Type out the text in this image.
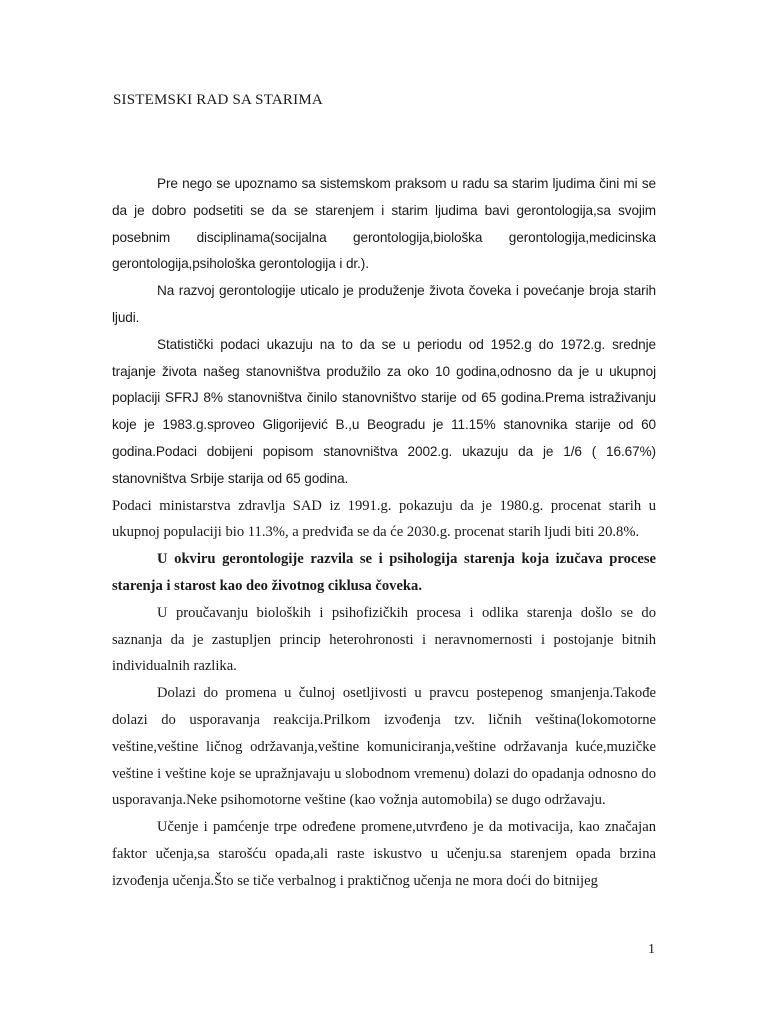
SISTEMSKI RAD SA STARIMA

Pre nego se upoznamo sa sistemskom praksom u radu sa starim ljudima čini mi se da je dobro podsetiti se da se starenjem i starim ljudima bavi gerontologija,sa svojim posebnim disciplinama(socijalna gerontologija,biološka gerontologija,medicinska gerontologija,psihološka gerontologija i dr.).

Na razvoj gerontologije uticalo je produženje života čoveka i povećanje broja starih ljudi.

Statistički podaci ukazuju na to da se u periodu od 1952.g do 1972.g. srednje trajanje života našeg stanovništva produžilo za oko 10 godina,odnosno da je u ukupnoj poplaciji SFRJ 8% stanovništva činilo stanovništvo starije od 65 godina.Prema istraživanju koje je 1983.g.sproveo Gligorijević B.,u Beogradu je 11.15% stanovnika starije od 60 godina.Podaci dobijeni popisom stanovništva 2002.g. ukazuju da je 1/6 ( 16.67%) stanovništva Srbije starija od 65 godina.

Podaci ministarstva zdravlja SAD iz 1991.g. pokazuju da je 1980.g. procenat starih u ukupnoj populaciji bio 11.3%, a predviđa se da će 2030.g. procenat starih ljudi biti 20.8%.

U okviru gerontologije razvila se i psihologija starenja koja izučava procese starenja i starost kao deo životnog ciklusa čoveka.

U proučavanju bioloških i psihofizičkih procesa i odlika starenja došlo se do saznanja da je zastupljen princip heterohronosti i neravnomernosti i postojanje bitnih individualnih razlika.

Dolazi do promena u čulnoj osetljivosti u pravcu postepenog smanjenja.Takođe dolazi do usporavanja reakcija.Prilkom izvođenja tzv. ličnih veština(lokomotorne veštine,veštine ličnog održavanja,veštine komuniciranja,veštine održavanja kuće,muzičke veštine i veštine koje se upražnjavaju u slobodnom vremenu) dolazi do opadanja odnosno do usporavanja.Neke psihomotorne veštine (kao vožnja automobila) se dugo održavaju.

Učenje i pamćenje trpe određene promene,utvrđeno je da motivacija, kao značajan faktor učenja,sa starošću opada,ali raste iskustvo u učenju.sa starenjem opada brzina izvođenja učenja.Što se tiče verbalnog i praktičnog učenja ne mora doći do bitnijeg

1
